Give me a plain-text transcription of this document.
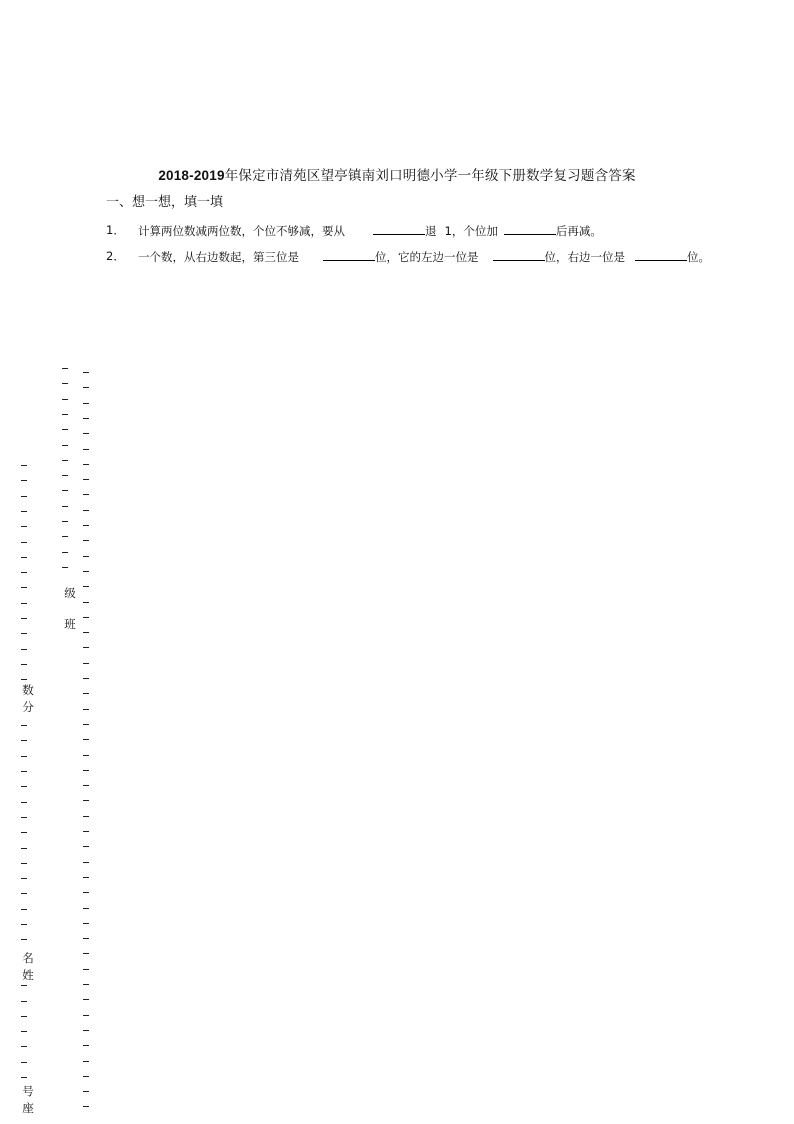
2018-2019年保定市清苑区望亭镇南刘口明德小学一年级下册数学复习题含答案
一、想一想，填一填
1． 计算两位数减两位数，个位不够减，要从	退 1，个位加	后再减。
2． 一个数，从右边数起，第三位是	位，它的左边一位是	位，右边一位是	位。
级
班
数
分
名
姓
号
座
